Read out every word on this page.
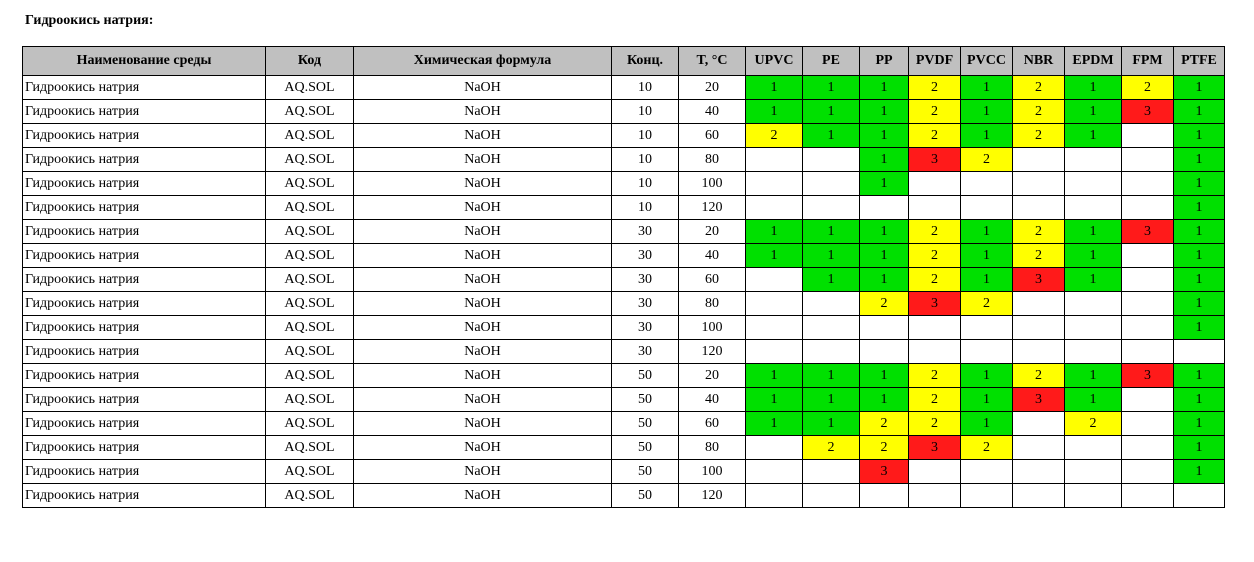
Гидроокись натрия:
Наименование среды	Код	Химическая формула	Конц.	T, °C	UPVC	PE	PP	PVDF	PVCC	NBR	EPDM	FPM	PTFE
Гидроокись натрия	AQ.SOL	NaOH	10	20	1	1	1	2	1	2	1	2	1
Гидроокись натрия	AQ.SOL	NaOH	10	40	1	1	1	2	1	2	1	3	1
Гидроокись натрия	AQ.SOL	NaOH	10	60	2	1	1	2	1	2	1		1
Гидроокись натрия	AQ.SOL	NaOH	10	80			1	3	2				1
Гидроокись натрия	AQ.SOL	NaOH	10	100			1						1
Гидроокись натрия	AQ.SOL	NaOH	10	120									1
Гидроокись натрия	AQ.SOL	NaOH	30	20	1	1	1	2	1	2	1	3	1
Гидроокись натрия	AQ.SOL	NaOH	30	40	1	1	1	2	1	2	1		1
Гидроокись натрия	AQ.SOL	NaOH	30	60		1	1	2	1	3	1		1
Гидроокись натрия	AQ.SOL	NaOH	30	80			2	3	2				1
Гидроокись натрия	AQ.SOL	NaOH	30	100									1
Гидроокись натрия	AQ.SOL	NaOH	30	120									
Гидроокись натрия	AQ.SOL	NaOH	50	20	1	1	1	2	1	2	1	3	1
Гидроокись натрия	AQ.SOL	NaOH	50	40	1	1	1	2	1	3	1		1
Гидроокись натрия	AQ.SOL	NaOH	50	60	1	1	2	2	1		2		1
Гидроокись натрия	AQ.SOL	NaOH	50	80		2	2	3	2				1
Гидроокись натрия	AQ.SOL	NaOH	50	100			3						1
Гидроокись натрия	AQ.SOL	NaOH	50	120									
